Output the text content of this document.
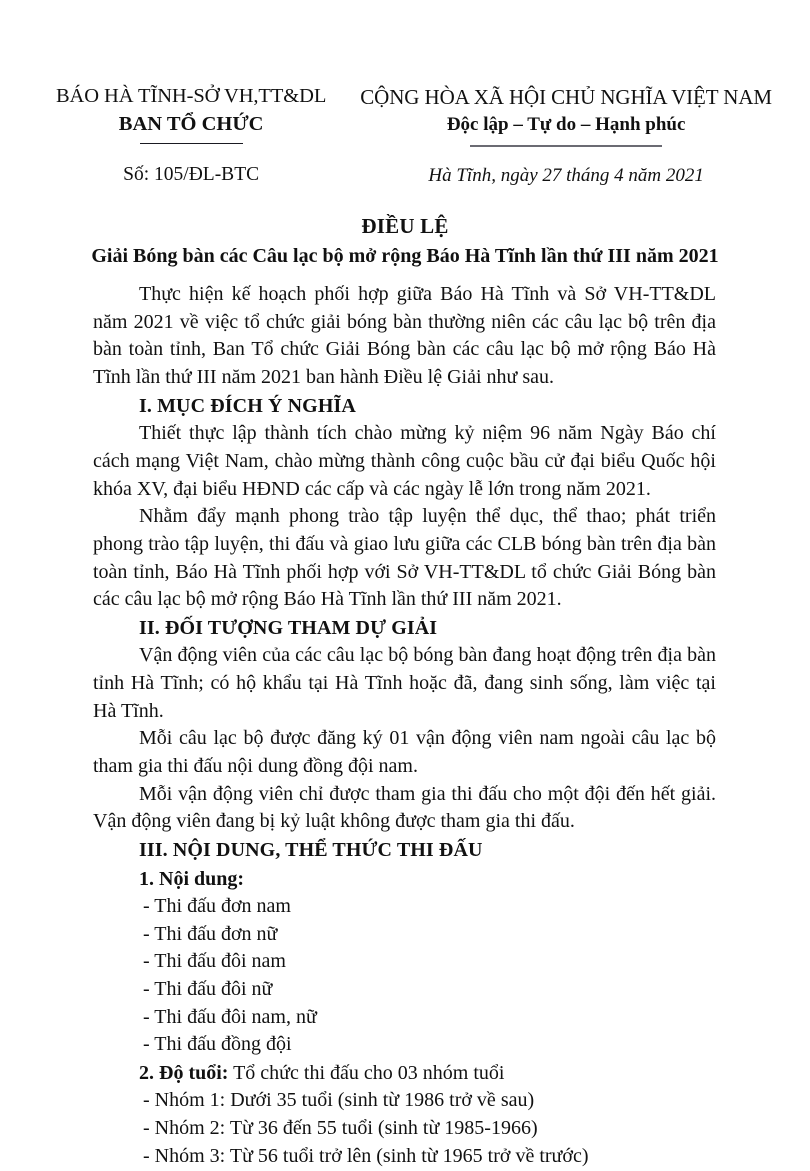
BÁO HÀ TĨNH-SỞ VH,TT&DL
BAN TỔ CHỨC
Số: 105/ĐL-BTC
CỘNG HÒA XÃ HỘI CHỦ NGHĨA VIỆT NAM
Độc lập – Tự do – Hạnh phúc
Hà Tĩnh, ngày 27 tháng 4 năm 2021
ĐIỀU LỆ
Giải Bóng bàn các Câu lạc bộ mở rộng Báo Hà Tĩnh lần thứ III năm 2021

Thực hiện kế hoạch phối hợp giữa Báo Hà Tĩnh và Sở VH-TT&DL năm 2021 về việc tổ chức giải bóng bàn thường niên các câu lạc bộ trên địa bàn toàn tỉnh, Ban Tổ chức Giải Bóng bàn các câu lạc bộ mở rộng Báo Hà Tĩnh lần thứ III năm 2021 ban hành Điều lệ Giải như sau.

I. MỤC ĐÍCH Ý NGHĨA

Thiết thực lập thành tích chào mừng kỷ niệm 96 năm Ngày Báo chí cách mạng Việt Nam, chào mừng thành công cuộc bầu cử đại biểu Quốc hội khóa XV, đại biểu HĐND các cấp và các ngày lễ lớn trong năm 2021.

Nhằm đẩy mạnh phong trào tập luyện thể dục, thể thao; phát triển phong trào tập luyện, thi đấu và giao lưu giữa các CLB bóng bàn trên địa bàn toàn tỉnh, Báo Hà Tĩnh phối hợp với Sở VH-TT&DL tổ chức Giải Bóng bàn các câu lạc bộ mở rộng Báo Hà Tĩnh lần thứ III năm 2021.

II. ĐỐI TƯỢNG THAM DỰ GIẢI

Vận động viên của các câu lạc bộ bóng bàn đang hoạt động trên địa bàn tỉnh Hà Tĩnh; có hộ khẩu tại Hà Tĩnh hoặc đã, đang sinh sống, làm việc tại Hà Tĩnh.

Mỗi câu lạc bộ được đăng ký 01 vận động viên nam ngoài câu lạc bộ tham gia thi đấu nội dung đồng đội nam.

Mỗi vận động viên chỉ được tham gia thi đấu cho một đội đến hết giải. Vận động viên đang bị kỷ luật không được tham gia thi đấu.

III. NỘI DUNG, THỂ THỨC THI ĐẤU
1. Nội dung:
- Thi đấu đơn nam
- Thi đấu đơn nữ
- Thi đấu đôi nam
- Thi đấu đôi nữ
- Thi đấu đôi nam, nữ
- Thi đấu đồng đội

2. Độ tuổi: Tổ chức thi đấu cho 03 nhóm tuổi

- Nhóm 1: Dưới 35 tuổi (sinh từ 1986 trở về sau)

- Nhóm 2: Từ 36 đến 55 tuổi (sinh từ 1985-1966)

- Nhóm 3: Từ 56 tuổi trở lên (sinh từ 1965 trở về trước)
